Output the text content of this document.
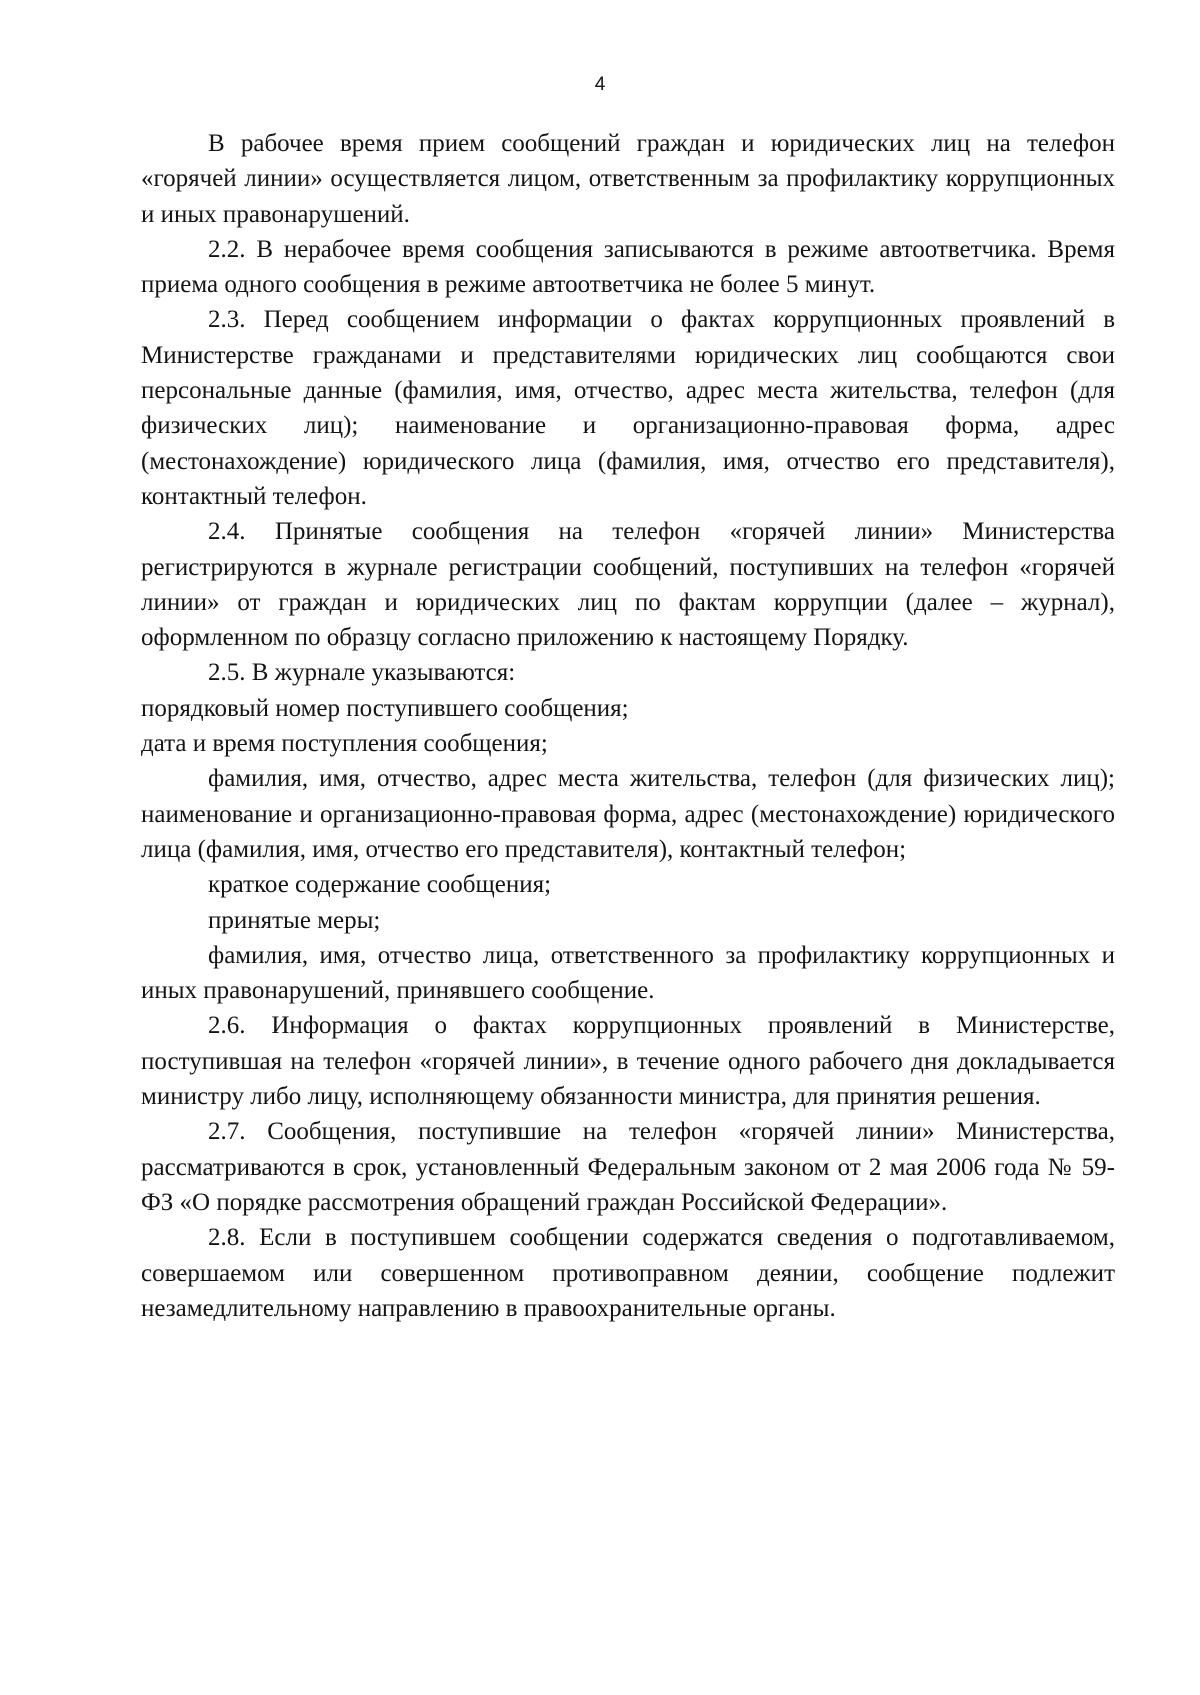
4

В рабочее время прием сообщений граждан и юридических лиц на телефон «горячей линии» осуществляется лицом, ответственным за профилактику коррупционных и иных правонарушений.

2.2. В нерабочее время сообщения записываются в режиме автоответчика. Время приема одного сообщения в режиме автоответчика не более 5 минут.

2.3. Перед сообщением информации о фактах коррупционных проявлений в Министерстве гражданами и представителями юридических лиц сообщаются свои персональные данные (фамилия, имя, отчество, адрес места жительства, телефон (для физических лиц); наименование и организационно-правовая форма, адрес (местонахождение) юридического лица (фамилия, имя, отчество его представителя), контактный телефон.

2.4. Принятые сообщения на телефон «горячей линии» Министерства регистрируются в журнале регистрации сообщений, поступивших на телефон «горячей линии» от граждан и юридических лиц по фактам коррупции (далее – журнал), оформленном по образцу согласно приложению к настоящему Порядку.

2.5. В журнале указываются:

порядковый номер поступившего сообщения;

дата и время поступления сообщения;

фамилия, имя, отчество, адрес места жительства, телефон (для физических лиц); наименование и организационно-правовая форма, адрес (местонахождение) юридического лица (фамилия, имя, отчество его представителя), контактный телефон;

краткое содержание сообщения;

принятые меры;

фамилия, имя, отчество лица, ответственного за профилактику коррупционных и иных правонарушений, принявшего сообщение.

2.6. Информация о фактах коррупционных проявлений в Министерстве, поступившая на телефон «горячей линии», в течение одного рабочего дня докладывается министру либо лицу, исполняющему обязанности министра, для принятия решения.

2.7. Сообщения, поступившие на телефон «горячей линии» Министерства, рассматриваются в срок, установленный Федеральным законом от 2 мая 2006 года № 59-ФЗ «О порядке рассмотрения обращений граждан Российской Федерации».

2.8. Если в поступившем сообщении содержатся сведения о подготавливаемом, совершаемом или совершенном противоправном деянии, сообщение подлежит незамедлительному направлению в правоохранительные органы.
